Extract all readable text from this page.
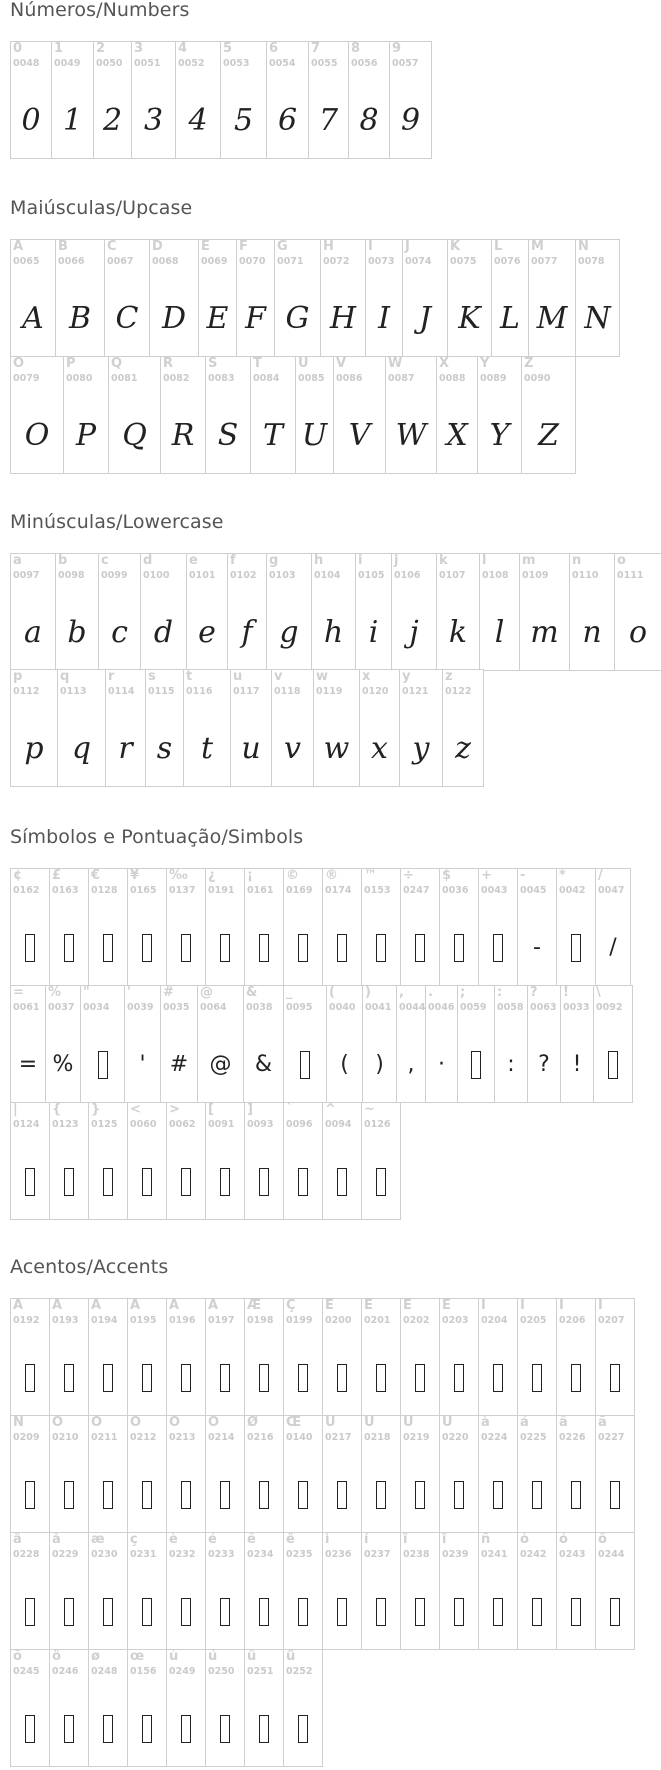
Números/Numbers
0
0048
0
1
0049
1
2
0050
2
3
0051
3
4
0052
4
5
0053
5
6
0054
6
7
0055
7
8
0056
8
9
0057
9
Maiúsculas/Upcase
A
0065
A
B
0066
B
C
0067
C
D
0068
D
E
0069
E
F
0070
F
G
0071
G
H
0072
H
I
0073
I
J
0074
J
K
0075
K
L
0076
L
M
0077
M
N
0078
N
O
0079
O
P
0080
P
Q
0081
Q
R
0082
R
S
0083
S
T
0084
T
U
0085
U
V
0086
V
W
0087
W
X
0088
X
Y
0089
Y
Z
0090
Z
Minúsculas/Lowercase
a
0097
a
b
0098
b
c
0099
c
d
0100
d
e
0101
e
f
0102
f
g
0103
g
h
0104
h
i
0105
i
j
0106
j
k
0107
k
l
0108
l
m
0109
m
n
0110
n
o
0111
o
p
0112
p
q
0113
q
r
0114
r
s
0115
s
t
0116
t
u
0117
u
v
0118
v
w
0119
w
x
0120
x
y
0121
y
z
0122
z
Símbolos e Pontuação/Simbols
¢
0162
£
0163
€
0128
¥
0165
‰
0137
¿
0191
¡
0161
©
0169
®
0174
™
0153
÷
0247
$
0036
+
0043
-
0045
-
*
0042
/
0047
/
=
0061
=
%
0037
%
"
0034
'
0039
'
#
0035
#
@
0064
@
&
0038
&
_
0095
(
0040
(
)
0041
)
,
0044
,
.
0046
·
;
0059
:
0058
:
?
0063
?
!
0033
!
\
0092
|
0124
{
0123
}
0125
<
0060
>
0062
[
0091
]
0093
`
0096
^
0094
~
0126
Acentos/Accents
À
0192
Á
0193
Â
0194
Ã
0195
Ä
0196
Å
0197
Æ
0198
Ç
0199
È
0200
É
0201
Ê
0202
Ë
0203
Ì
0204
Í
0205
Î
0206
Ï
0207
Ñ
0209
Ò
0210
Ó
0211
Ô
0212
Õ
0213
Ö
0214
Ø
0216
Œ
0140
Ù
0217
Ú
0218
Û
0219
Ü
0220
à
0224
á
0225
â
0226
ã
0227
ä
0228
å
0229
æ
0230
ç
0231
è
0232
é
0233
ê
0234
ë
0235
ì
0236
í
0237
î
0238
ï
0239
ñ
0241
ò
0242
ó
0243
ô
0244
õ
0245
ö
0246
ø
0248
œ
0156
ù
0249
ú
0250
û
0251
ü
0252
